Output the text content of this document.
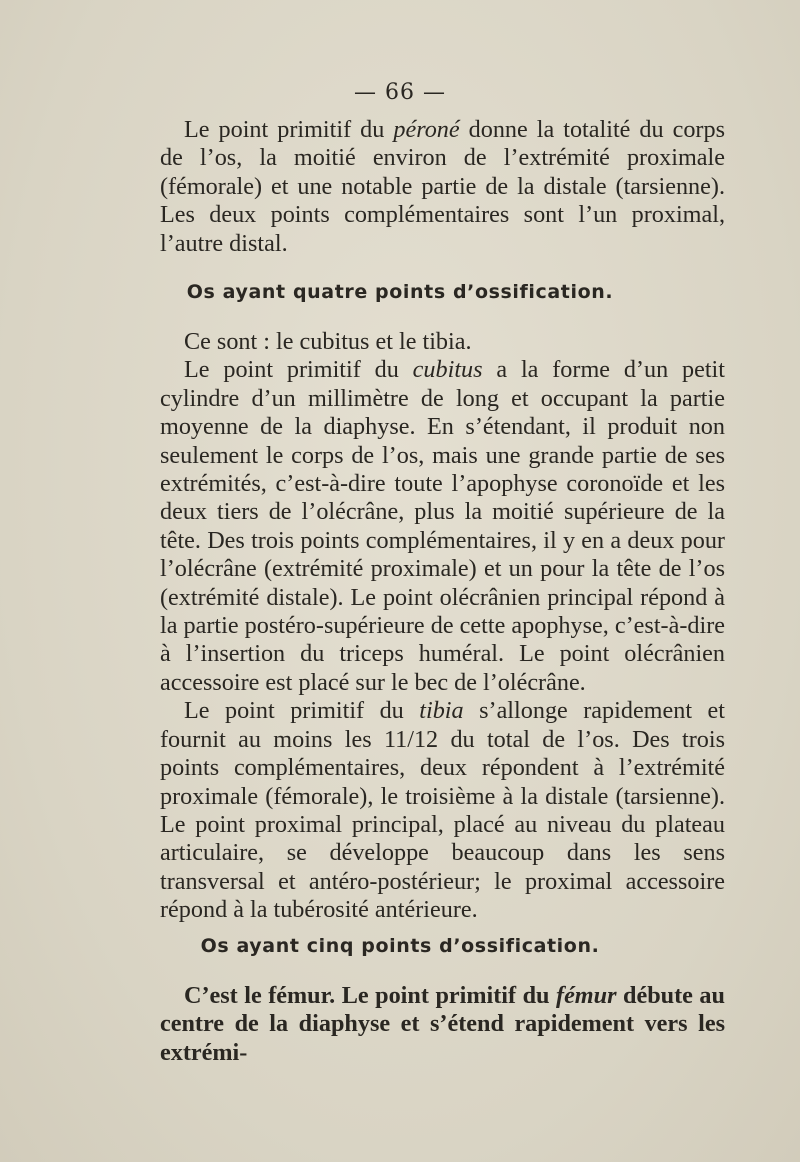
— 66 —

Le point primitif du péroné donne la totalité du corps de l’os, la moitié environ de l’extrémité proximale (fémorale) et une notable partie de la distale (tarsienne). Les deux points complémentaires sont l’un proximal, l’autre distal.

Os ayant quatre points d’ossification.

Ce sont : le cubitus et le tibia.

Le point primitif du cubitus a la forme d’un petit cylindre d’un millimètre de long et occupant la partie moyenne de la diaphyse. En s’étendant, il produit non seulement le corps de l’os, mais une grande partie de ses extrémités, c’est-à-dire toute l’apophyse coronoïde et les deux tiers de l’olécrâne, plus la moitié supérieure de la tête. Des trois points complémentaires, il y en a deux pour l’olécrâne (extrémité proximale) et un pour la tête de l’os (extrémité distale). Le point olécrânien principal répond à la partie postéro-supérieure de cette apophyse, c’est-à-dire à l’insertion du triceps huméral. Le point olécrânien accessoire est placé sur le bec de l’olécrâne.

Le point primitif du tibia s’allonge rapidement et fournit au moins les 11/12 du total de l’os. Des trois points complémentaires, deux répondent à l’extrémité proximale (fémorale), le troisième à la distale (tarsienne). Le point proximal principal, placé au niveau du plateau articulaire, se développe beaucoup dans les sens transversal et antéro-postérieur; le proximal accessoire répond à la tubérosité antérieure.

Os ayant cinq points d’ossification.

C’est le fémur. Le point primitif du fémur débute au centre de la diaphyse et s’étend rapidement vers les extrémi-
